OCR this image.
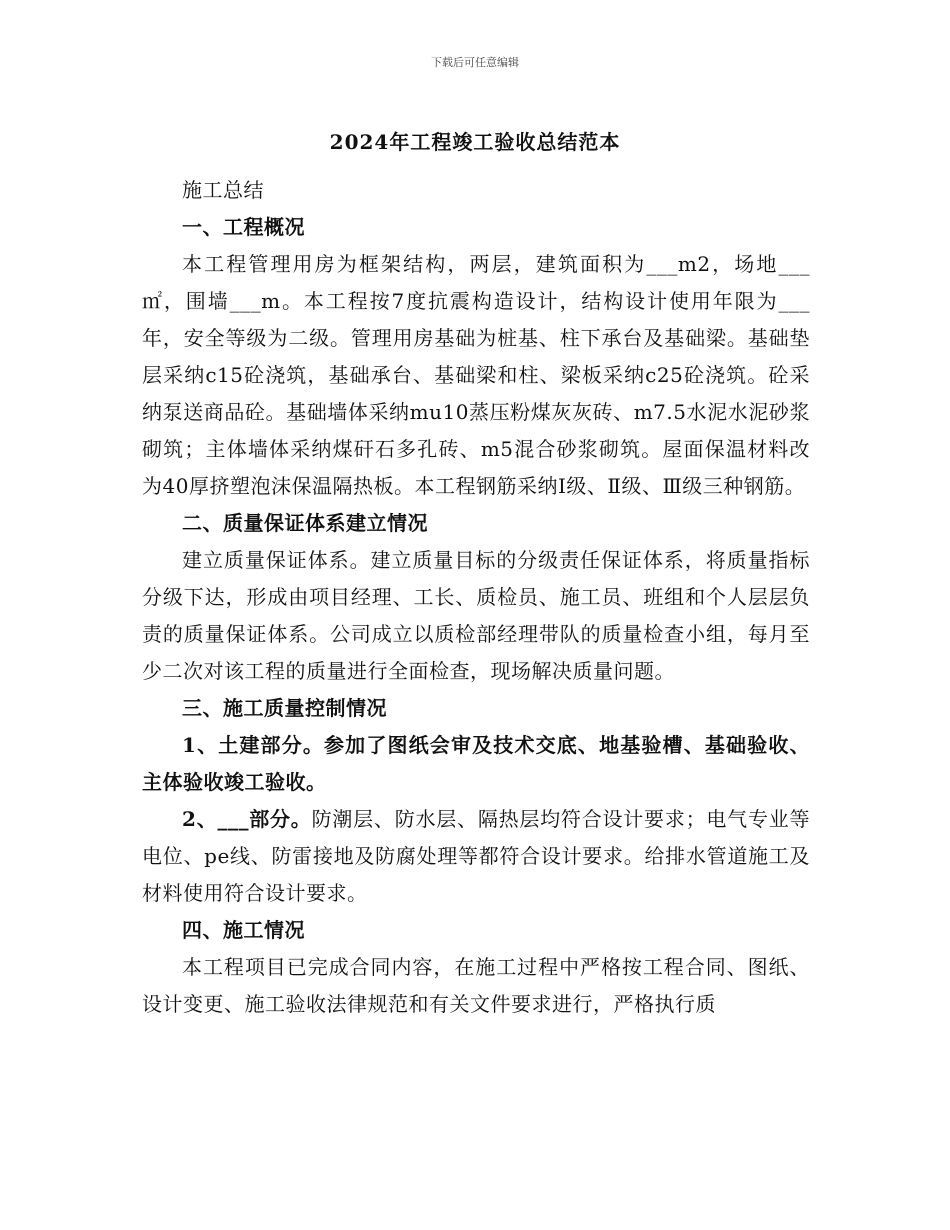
下载后可任意编辑
2024年工程竣工验收总结范本

施工总结

一、工程概况

本工程管理用房为框架结构，两层，建筑面积为___m2，场地___㎡，围墙___m。本工程按7度抗震构造设计，结构设计使用年限为___年，安全等级为二级。管理用房基础为桩基、柱下承台及基础梁。基础垫层采纳c15砼浇筑，基础承台、基础梁和柱、梁板采纳c25砼浇筑。砼采纳泵送商品砼。基础墙体采纳mu10蒸压粉煤灰灰砖、m7.5水泥水泥砂浆砌筑；主体墙体采纳煤矸石多孔砖、m5混合砂浆砌筑。屋面保温材料改为40厚挤塑泡沫保温隔热板。本工程钢筋采纳Ⅰ级、Ⅱ级、Ⅲ级三种钢筋。

二、质量保证体系建立情况

建立质量保证体系。建立质量目标的分级责任保证体系，将质量指标分级下达，形成由项目经理、工长、质检员、施工员、班组和个人层层负责的质量保证体系。公司成立以质检部经理带队的质量检查小组，每月至少二次对该工程的质量进行全面检查，现场解决质量问题。

三、施工质量控制情况

1、土建部分。参加了图纸会审及技术交底、地基验槽、基础验收、主体验收竣工验收。

2、___部分。防潮层、防水层、隔热层均符合设计要求；电气专业等电位、pe线、防雷接地及防腐处理等都符合设计要求。给排水管道施工及材料使用符合设计要求。

四、施工情况

本工程项目已完成合同内容，在施工过程中严格按工程合同、图纸、设计变更、施工验收法律规范和有关文件要求进行，严格执行质
